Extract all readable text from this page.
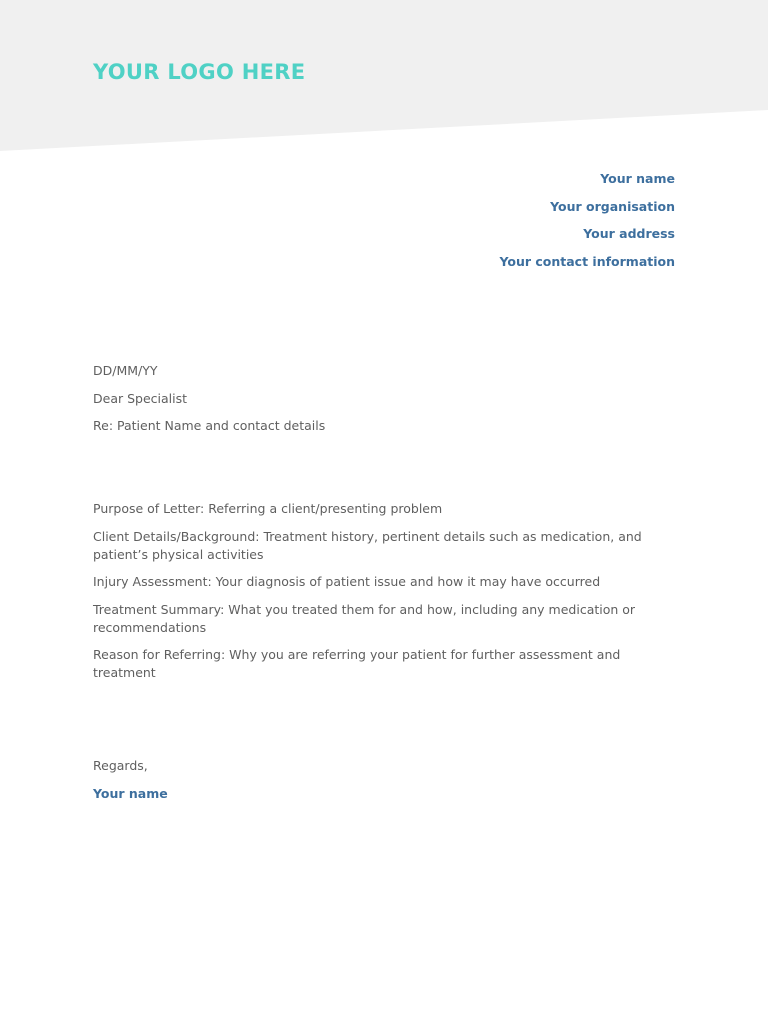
YOUR LOGO HERE
Your name
Your organisation
Your address
Your contact information

DD/MM/YY

Dear Specialist

Re: Patient Name and contact details

Purpose of Letter: Referring a client/presenting problem

Client Details/Background: Treatment history, pertinent details such as medication, and patient’s physical activities

Injury Assessment: Your diagnosis of patient issue and how it may have occurred

Treatment Summary: What you treated them for and how, including any medication or recommendations

Reason for Referring: Why you are referring your patient for further assessment and treatment

Regards,

Your name
